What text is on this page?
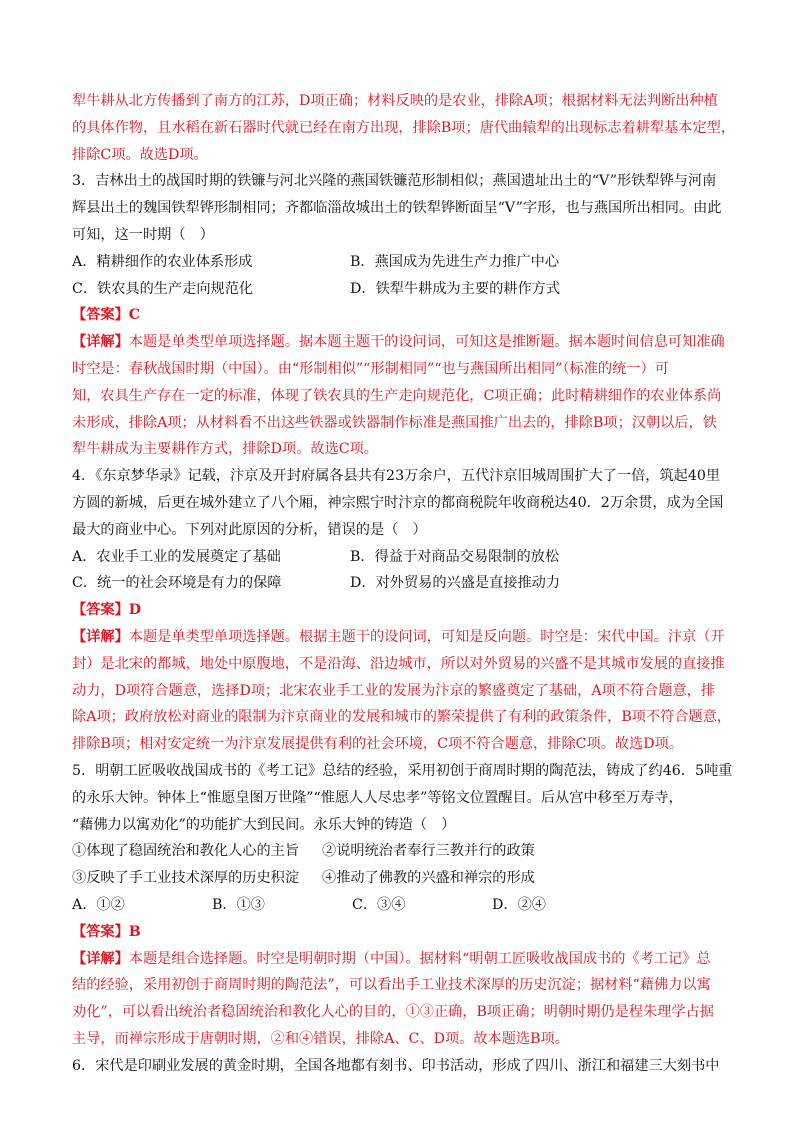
犁牛耕从北方传播到了南方的江苏，D项正确；材料反映的是农业，排除A项；根据材料无法判断出种植
的具体作物，且水稻在新石器时代就已经在南方出现，排除B项；唐代曲辕犁的出现标志着耕犁基本定型，
排除C项。故选D项。
3．吉林出土的战国时期的铁镰与河北兴隆的燕国铁镰范形制相似；燕国遗址出土的“V”形铁犁铧与河南
辉县出土的魏国铁犁铧形制相同；齐都临淄故城出土的铁犁铧断面呈“V”字形，也与燕国所出相同。由此
可知，这一时期（　）
A．精耕细作的农业体系形成	B．燕国成为先进生产力推广中心
C．铁农具的生产走向规范化	D．铁犁牛耕成为主要的耕作方式
【答案】C
【详解】本题是单类型单项选择题。据本题主题干的设问词，可知这是推断题。据本题时间信息可知准确
时空是：春秋战国时期（中国）。由“形制相似”“形制相同”“也与燕国所出相同”（标准的统一）可
知，农具生产存在一定的标准，体现了铁农具的生产走向规范化，C项正确；此时精耕细作的农业体系尚
未形成，排除A项；从材料看不出这些铁器或铁器制作标准是燕国推广出去的，排除B项；汉朝以后，铁
犁牛耕成为主要耕作方式，排除D项。故选C项。
4．《东京梦华录》记载，汴京及开封府属各县共有23万余户，五代汴京旧城周围扩大了一倍，筑起40里
方圆的新城，后更在城外建立了八个厢，神宗熙宁时汴京的都商税院年收商税达40．2万余贯，成为全国
最大的商业中心。下列对此原因的分析，错误的是（　）
A．农业手工业的发展奠定了基础	B．得益于对商品交易限制的放松
C．统一的社会环境是有力的保障	D．对外贸易的兴盛是直接推动力
【答案】D
【详解】本题是单类型单项选择题。根据主题干的设问词，可知是反向题。时空是：宋代中国。汴京（开
封）是北宋的都城，地处中原腹地，不是沿海、沿边城市，所以对外贸易的兴盛不是其城市发展的直接推
动力，D项符合题意，选择D项；北宋农业手工业的发展为汴京的繁盛奠定了基础，A项不符合题意，排
除A项；政府放松对商业的限制为汴京商业的发展和城市的繁荣提供了有利的政策条件，B项不符合题意，
排除B项；相对安定统一为汴京发展提供有利的社会环境，C项不符合题意，排除C项。故选D项。
5．明朝工匠吸收战国成书的《考工记》总结的经验，采用初创于商周时期的陶范法，铸成了约46．5吨重
的永乐大钟。钟体上“惟愿皇图万世隆”“惟愿人人尽忠孝”等铭文位置醒目。后从宫中移至万寿寺，
“藉佛力以寓劝化”的功能扩大到民间。永乐大钟的铸造（　）
①体现了稳固统治和教化人心的主旨	②说明统治者奉行三教并行的政策
③反映了手工业技术深厚的历史积淀	④推动了佛教的兴盛和禅宗的形成
A．①②	B．①③	C．③④	D．②④
【答案】B
【详解】本题是组合选择题。时空是明朝时期（中国）。据材料“明朝工匠吸收战国成书的《考工记》总
结的经验，采用初创于商周时期的陶范法”，可以看出手工业技术深厚的历史沉淀；据材料“藉佛力以寓
劝化”，可以看出统治者稳固统治和教化人心的目的，①③正确，B项正确；明朝时期仍是程朱理学占据
主导，而禅宗形成于唐朝时期，②和④错误，排除A、C、D项。故本题选B项。
6．宋代是印刷业发展的黄金时期，全国各地都有刻书、印书活动，形成了四川、浙江和福建三大刻书中
